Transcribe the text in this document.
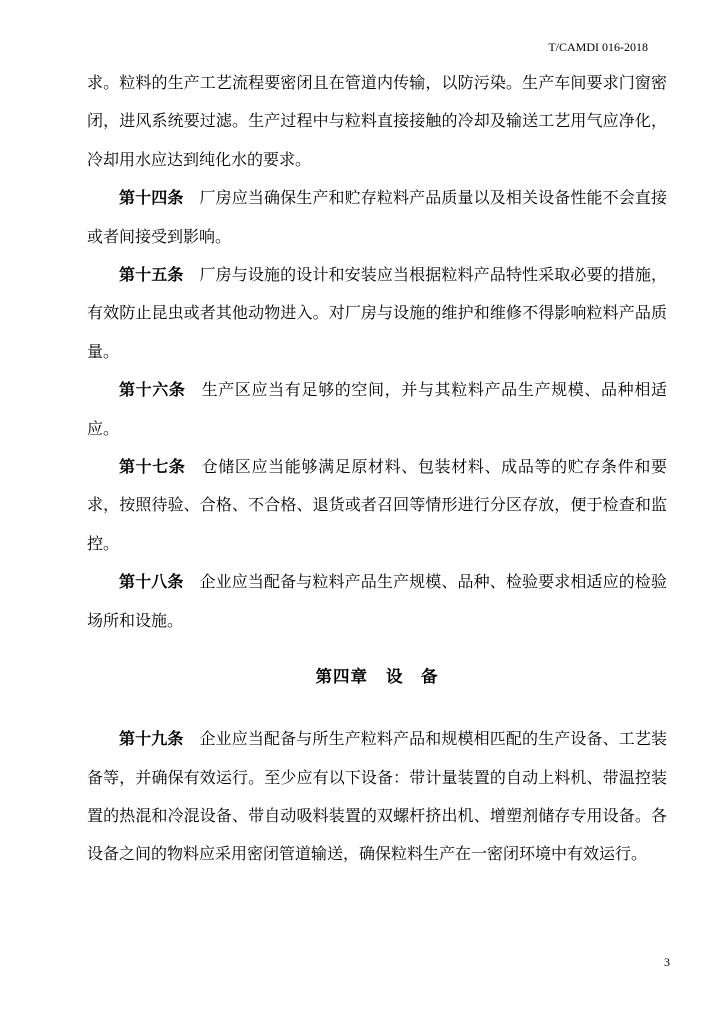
T/CAMDI 016-2018

求。粒料的生产工艺流程要密闭且在管道内传输，以防污染。生产车间要求门窗密闭，进风系统要过滤。生产过程中与粒料直接接触的冷却及输送工艺用气应净化，冷却用水应达到纯化水的要求。

第十四条 厂房应当确保生产和贮存粒料产品质量以及相关设备性能不会直接或者间接受到影响。

第十五条 厂房与设施的设计和安装应当根据粒料产品特性采取必要的措施，有效防止昆虫或者其他动物进入。对厂房与设施的维护和维修不得影响粒料产品质量。

第十六条 生产区应当有足够的空间，并与其粒料产品生产规模、品种相适应。

第十七条 仓储区应当能够满足原材料、包装材料、成品等的贮存条件和要求，按照待验、合格、不合格、退货或者召回等情形进行分区存放，便于检查和监控。

第十八条 企业应当配备与粒料产品生产规模、品种、检验要求相适应的检验场所和设施。

第四章 设　备

第十九条 企业应当配备与所生产粒料产品和规模相匹配的生产设备、工艺装备等，并确保有效运行。至少应有以下设备：带计量装置的自动上料机、带温控装置的热混和冷混设备、带自动吸料装置的双螺杆挤出机、增塑剂储存专用设备。各设备之间的物料应采用密闭管道输送，确保粒料生产在一密闭环境中有效运行。

3
